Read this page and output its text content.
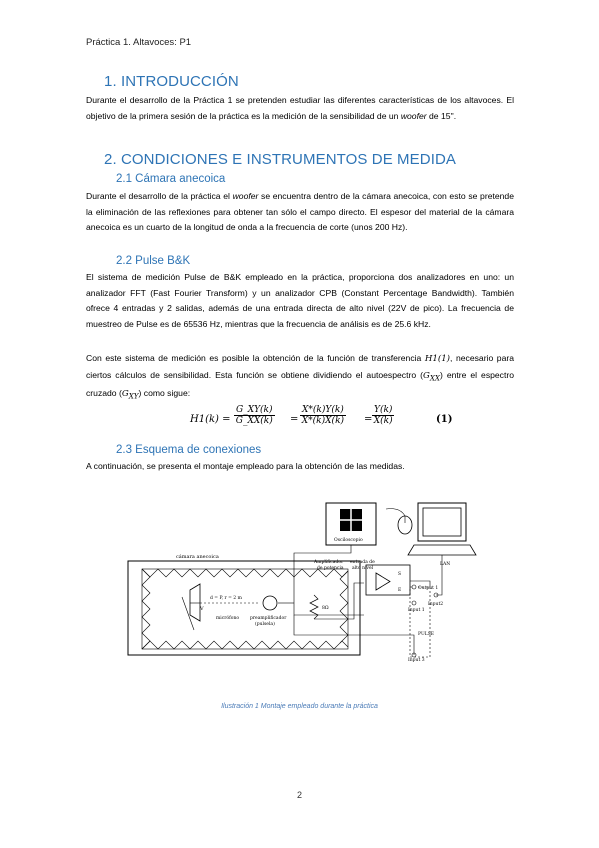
Práctica 1. Altavoces: P1
1. INTRODUCCIÓN

Durante el desarrollo de la Práctica 1 se pretenden estudiar las diferentes características de los altavoces. El objetivo de la primera sesión de la práctica es la medición de la sensibilidad de un woofer de 15''.

2. CONDICIONES E INSTRUMENTOS DE MEDIDA
2.1 Cámara anecoica

Durante el desarrollo de la práctica el woofer se encuentra dentro de la cámara anecoica, con esto se pretende la eliminación de las reflexiones para obtener tan sólo el campo directo. El espesor del material de la cámara anecoica es un cuarto de la longitud de onda a la frecuencia de corte (unos 200 Hz).

2.2 Pulse B&K

El sistema de medición Pulse de B&K empleado en la práctica, proporciona dos analizadores en uno: un analizador FFT (Fast Fourier Transform) y un analizador CPB (Constant Percentage Bandwidth). También ofrece 4 entradas y 2 salidas, además de una entrada directa de alto nivel (22V de pico). La frecuencia de muestreo de Pulse es de 65536 Hz, mientras que la frecuencia de análisis es de 25.6 kHz.

Con este sistema de medición es posible la obtención de la función de transferencia H1(1), necesario para ciertos cálculos de sensibilidad. Esta función se obtiene dividiendo el autoespectro $(G_{XX})$ entre el espectro cruzado $(G_{XY})$ como sigue:

$H1(k) = \frac{G\_XY(k)}{G\_XX(k)} = \frac{X*(k)Y(k)}{X*(k)X(k)} = \frac{Y(k)}{X(k)}$	(1)
2.3 Esquema de conexiones

A continuación, se presenta el montaje empleado para la obtención de las medidas.

cámara anecoica
V
d = P, r = 2 m
micrófono preamplificador
(pulsela)
Osciloscopio
LAN
Amplificador
de potencia
entrada de
alto nivel
S
E
8Ω
Output 1
Input 1
Input2
PULSE
Input 3
Ilustración 1 Montaje empleado durante la práctica
2
